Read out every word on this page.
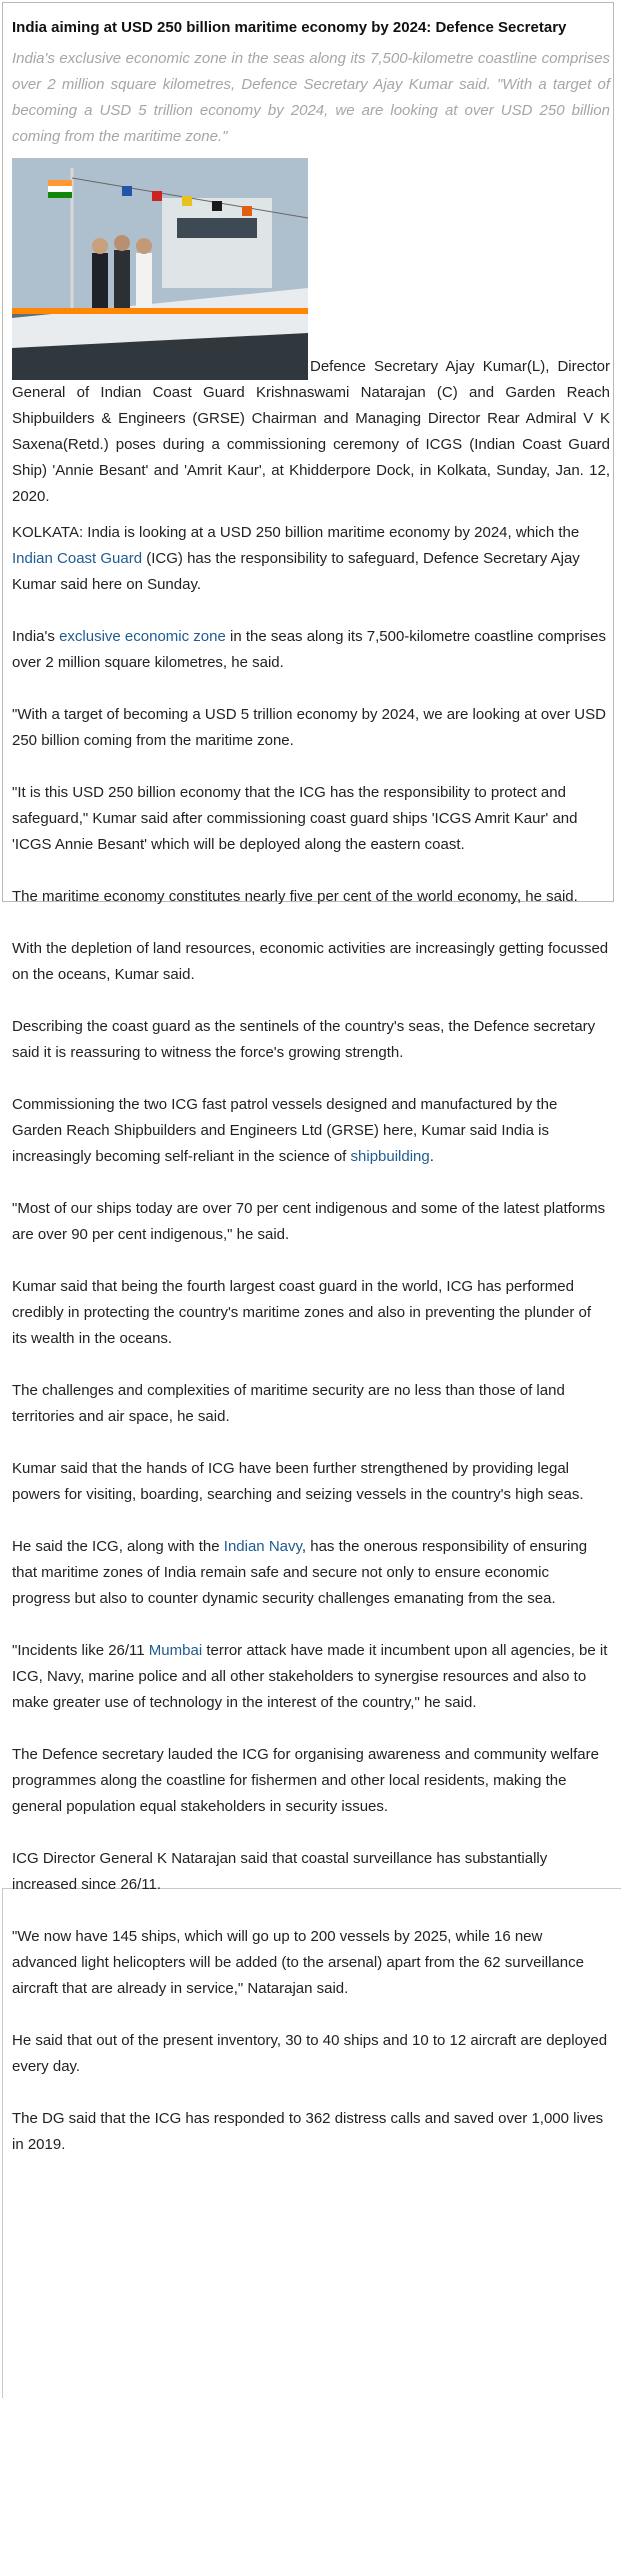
India aiming at USD 250 billion maritime economy by 2024: Defence Secretary
India's exclusive economic zone in the seas along its 7,500-kilometre coastline comprises over 2 million square kilometres, Defence Secretary Ajay Kumar said. "With a target of becoming a USD 5 trillion economy by 2024, we are looking at over USD 250 billion coming from the maritime zone."
Defence Secretary Ajay Kumar(L), Director General of Indian Coast Guard Krishnaswami Natarajan (C) and Garden Reach Shipbuilders & Engineers (GRSE) Chairman and Managing Director Rear Admiral V K Saxena(Retd.) poses during a commissioning ceremony of ICGS (Indian Coast Guard Ship) 'Annie Besant' and 'Amrit Kaur', at Khidderpore Dock, in Kolkata, Sunday, Jan. 12, 2020.

KOLKATA: India is looking at a USD 250 billion maritime economy by 2024, which the Indian Coast Guard (ICG) has the responsibility to safeguard, Defence Secretary Ajay Kumar said here on Sunday.

India's exclusive economic zone in the seas along its 7,500-kilometre coastline comprises over 2 million square kilometres, he said.

"With a target of becoming a USD 5 trillion economy by 2024, we are looking at over USD 250 billion coming from the maritime zone.

"It is this USD 250 billion economy that the ICG has the responsibility to protect and safeguard," Kumar said after commissioning coast guard ships 'ICGS Amrit Kaur' and 'ICGS Annie Besant' which will be deployed along the eastern coast.

The maritime economy constitutes nearly five per cent of the world economy, he said.

With the depletion of land resources, economic activities are increasingly getting focussed on the oceans, Kumar said.

Describing the coast guard as the sentinels of the country's seas, the Defence secretary said it is reassuring to witness the force's growing strength.

Commissioning the two ICG fast patrol vessels designed and manufactured by the Garden Reach Shipbuilders and Engineers Ltd (GRSE) here, Kumar said India is increasingly becoming self-reliant in the science of shipbuilding.

"Most of our ships today are over 70 per cent indigenous and some of the latest platforms are over 90 per cent indigenous," he said.

Kumar said that being the fourth largest coast guard in the world, ICG has performed credibly in protecting the country's maritime zones and also in preventing the plunder of its wealth in the oceans.

The challenges and complexities of maritime security are no less than those of land territories and air space, he said.

Kumar said that the hands of ICG have been further strengthened by providing legal powers for visiting, boarding, searching and seizing vessels in the country's high seas.

He said the ICG, along with the Indian Navy, has the onerous responsibility of ensuring that maritime zones of India remain safe and secure not only to ensure economic progress but also to counter dynamic security challenges emanating from the sea.

"Incidents like 26/11 Mumbai terror attack have made it incumbent upon all agencies, be it ICG, Navy, marine police and all other stakeholders to synergise resources and also to make greater use of technology in the interest of the country," he said.

The Defence secretary lauded the ICG for organising awareness and community welfare programmes along the coastline for fishermen and other local residents, making the general population equal stakeholders in security issues.

ICG Director General K Natarajan said that coastal surveillance has substantially increased since 26/11.

"We now have 145 ships, which will go up to 200 vessels by 2025, while 16 new advanced light helicopters will be added (to the arsenal) apart from the 62 surveillance aircraft that are already in service," Natarajan said.

He said that out of the present inventory, 30 to 40 ships and 10 to 12 aircraft are deployed every day.

The DG said that the ICG has responded to 362 distress calls and saved over 1,000 lives in 2019.
